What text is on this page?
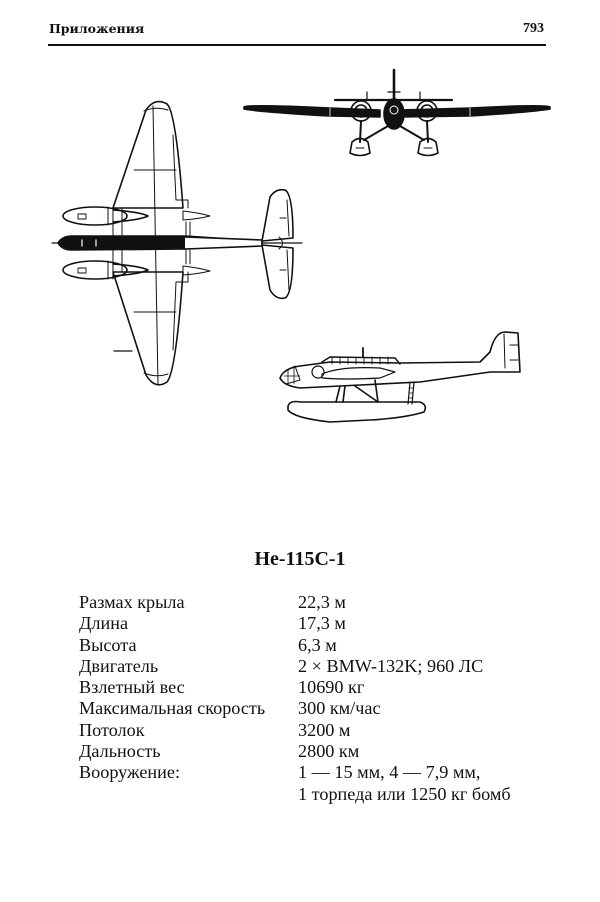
Приложения	793
He-115C-1
Размах крыла	22,3 м
Длина	17,3 м
Высота	6,3 м
Двигатель	2 × BMW-132K; 960 ЛС
Взлетный вес	10690 кг
Максимальная скорость	300 км/час
Потолок	3200 м
Дальность	2800 км
Вооружение:	1 — 15 мм, 4 — 7,9 мм,
1 торпеда или 1250 кг бомб
